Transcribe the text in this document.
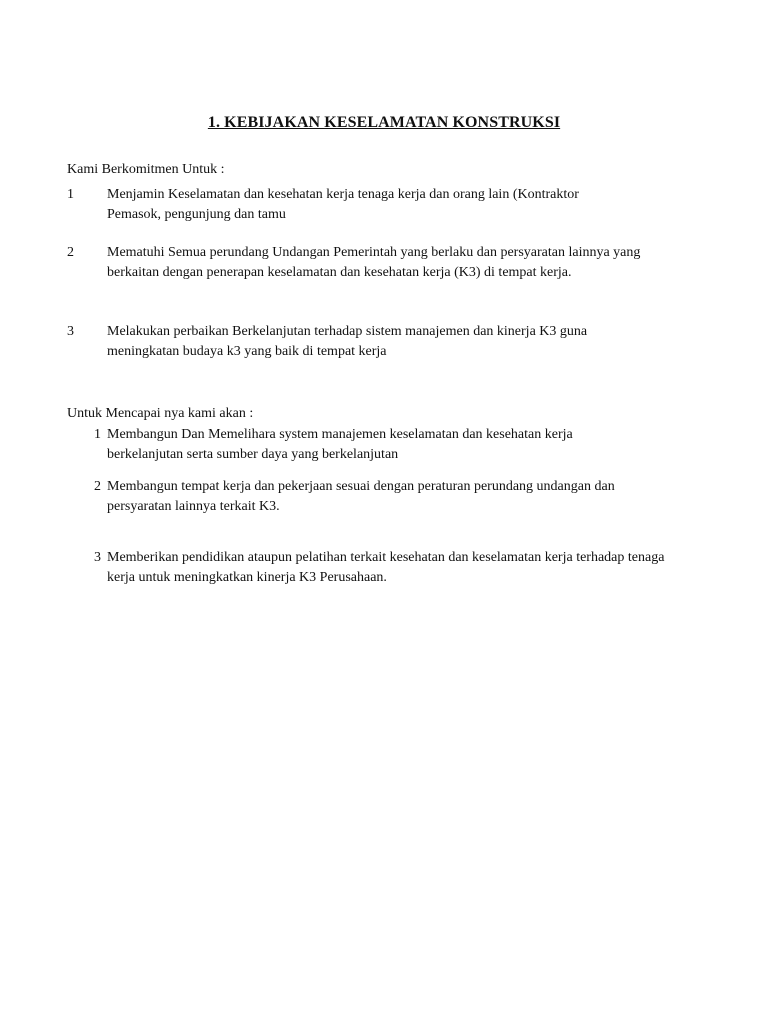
1. KEBIJAKAN KESELAMATAN KONSTRUKSI
Kami Berkomitmen Untuk :
1 Menjamin Keselamatan dan kesehatan kerja tenaga kerja dan orang lain (Kontraktor Pemasok, pengunjung dan tamu
2 Mematuhi Semua perundang Undangan Pemerintah yang berlaku dan persyaratan lainnya yang berkaitan dengan penerapan keselamatan dan kesehatan kerja (K3) di tempat kerja.
3 Melakukan perbaikan Berkelanjutan terhadap sistem manajemen dan kinerja K3 guna meningkatan budaya k3 yang baik di tempat kerja
Untuk Mencapai nya kami akan :
1 Membangun Dan Memelihara system manajemen keselamatan dan kesehatan kerja berkelanjutan serta sumber daya yang berkelanjutan
2 Membangun tempat kerja dan pekerjaan sesuai dengan peraturan perundang undangan dan persyaratan lainnya terkait K3.
3 Memberikan pendidikan ataupun pelatihan terkait kesehatan dan keselamatan kerja terhadap tenaga kerja untuk meningkatkan kinerja K3 Perusahaan.
